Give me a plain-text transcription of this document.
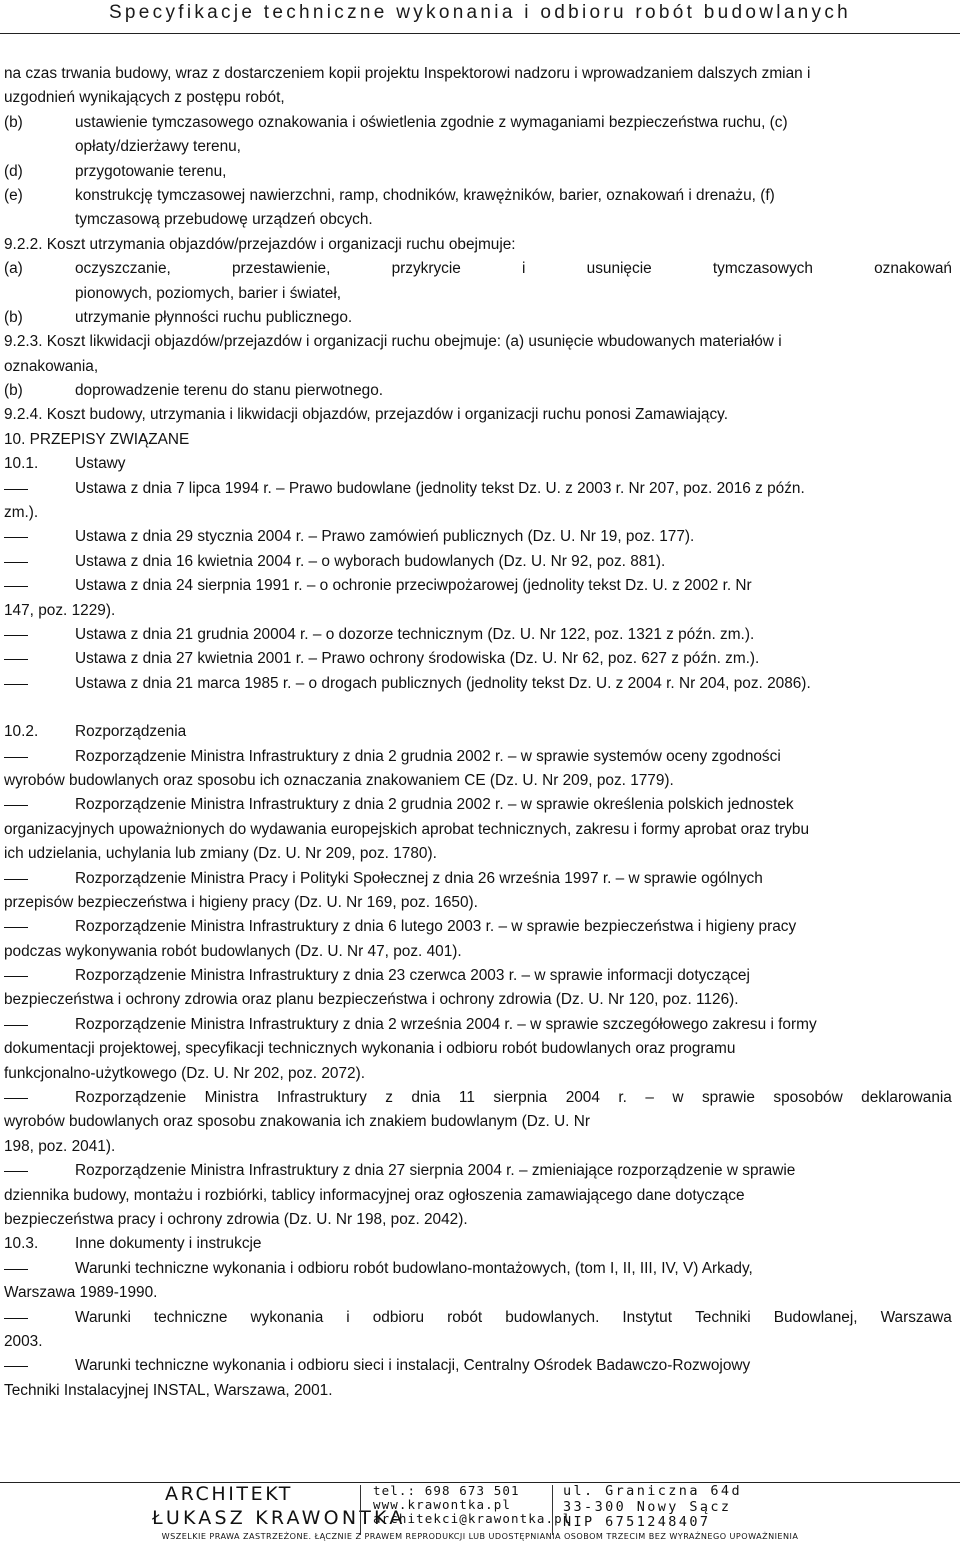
Specyfikacje techniczne wykonania i odbioru robót budowlanych
na czas trwania budowy, wraz z dostarczeniem kopii projektu Inspektorowi nadzoru i wprowadzaniem dalszych zmian i
uzgodnień wynikających z postępu robót,
(b)	ustawienie tymczasowego oznakowania i oświetlenia zgodnie z wymaganiami bezpieczeństwa ruchu, (c)
opłaty/dzierżawy terenu,
(d)	przygotowanie terenu,
(e)	konstrukcję tymczasowej nawierzchni, ramp, chodników, krawężników, barier, oznakowań i drenażu, (f)
tymczasową przebudowę urządzeń obcych.
9.2.2. Koszt utrzymania objazdów/przejazdów i organizacji ruchu obejmuje:
(a)	oczyszczanie,	przestawienie,	przykrycie	i	usunięcie	tymczasowych	oznakowań
pionowych, poziomych, barier i świateł,
(b)	utrzymanie płynności ruchu publicznego.
9.2.3. Koszt likwidacji objazdów/przejazdów i organizacji ruchu obejmuje: (a) usunięcie wbudowanych materiałów i
oznakowania,
(b)	doprowadzenie terenu do stanu pierwotnego.
9.2.4. Koszt budowy, utrzymania i likwidacji objazdów, przejazdów i organizacji ruchu ponosi Zamawiający.
10. PRZEPISY ZWIĄZANE
10.1. Ustawy
Ustawa z dnia 7 lipca 1994 r. – Prawo budowlane (jednolity tekst Dz. U. z 2003 r. Nr 207, poz. 2016 z późn.
zm.).
Ustawa z dnia 29 stycznia 2004 r. – Prawo zamówień publicznych (Dz. U. Nr 19, poz. 177).
Ustawa z dnia 16 kwietnia 2004 r. – o wyborach budowlanych (Dz. U. Nr 92, poz. 881).
Ustawa z dnia 24 sierpnia 1991 r. – o ochronie przeciwpożarowej (jednolity tekst Dz. U. z 2002 r. Nr
147, poz. 1229).
Ustawa z dnia 21 grudnia 20004 r. – o dozorze technicznym (Dz. U. Nr 122, poz. 1321 z późn. zm.).
Ustawa z dnia 27 kwietnia 2001 r. – Prawo ochrony środowiska (Dz. U. Nr 62, poz. 627 z późn. zm.).
Ustawa z dnia 21 marca 1985 r. – o drogach publicznych (jednolity tekst Dz. U. z 2004 r. Nr 204, poz. 2086).
10.2. Rozporządzenia
Rozporządzenie Ministra Infrastruktury z dnia 2 grudnia 2002 r. – w sprawie systemów oceny zgodności
wyrobów budowlanych oraz sposobu ich oznaczania znakowaniem CE (Dz. U. Nr 209, poz. 1779).
Rozporządzenie Ministra Infrastruktury z dnia 2 grudnia 2002 r. – w sprawie określenia polskich jednostek
organizacyjnych upoważnionych do wydawania europejskich aprobat technicznych, zakresu i formy aprobat oraz trybu
ich udzielania, uchylania lub zmiany (Dz. U. Nr 209, poz. 1780).
Rozporządzenie Ministra Pracy i Polityki Społecznej z dnia 26 września 1997 r. – w sprawie ogólnych
przepisów bezpieczeństwa i higieny pracy (Dz. U. Nr 169, poz. 1650).
Rozporządzenie Ministra Infrastruktury z dnia 6 lutego 2003 r. – w sprawie bezpieczeństwa i higieny pracy
podczas wykonywania robót budowlanych (Dz. U. Nr 47, poz. 401).
Rozporządzenie Ministra Infrastruktury z dnia 23 czerwca 2003 r. – w sprawie informacji dotyczącej
bezpieczeństwa i ochrony zdrowia oraz planu bezpieczeństwa i ochrony zdrowia (Dz. U. Nr 120, poz. 1126).
Rozporządzenie Ministra Infrastruktury z dnia 2 września 2004 r. – w sprawie szczegółowego zakresu i formy
dokumentacji projektowej, specyfikacji technicznych wykonania i odbioru robót budowlanych oraz programu
funkcjonalno-użytkowego (Dz. U. Nr 202, poz. 2072).
Rozporządzenie Ministra Infrastruktury z dnia 11 sierpnia 2004 r. – w sprawie sposobów deklarowania
wyrobów budowlanych oraz sposobu znakowania ich znakiem budowlanym (Dz. U. Nr
198, poz. 2041).
Rozporządzenie Ministra Infrastruktury z dnia 27 sierpnia 2004 r. – zmieniające rozporządzenie w sprawie
dziennika budowy, montażu i rozbiórki, tablicy informacyjnej oraz ogłoszenia zamawiającego dane dotyczące
bezpieczeństwa pracy i ochrony zdrowia (Dz. U. Nr 198, poz. 2042).
10.3. Inne dokumenty i instrukcje
Warunki techniczne wykonania i odbioru robót budowlano-montażowych, (tom I, II, III, IV, V) Arkady,
Warszawa 1989-1990.
Warunki techniczne wykonania i odbioru robót budowlanych. Instytut Techniki Budowlanej, Warszawa
2003.
Warunki techniczne wykonania i odbioru sieci i instalacji, Centralny Ośrodek Badawczo-Rozwojowy
Techniki Instalacyjnej INSTAL, Warszawa, 2001.
ARCHITEKT
ŁUKASZ KRAWONTKA
tel.: 698 673 501
www.krawontka.pl
architekci@krawontka.pl
ul. Graniczna 64d
33-300 Nowy Sącz
NIP 6751248407
WSZELKIE PRAWA ZASTRZEŻONE. ŁĄCZNIE Z PRAWEM REPRODUKCJI LUB UDOSTĘPNIANIA OSOBOM TRZECIM BEZ WYRAŹNEGO UPOWAŻNIENIA
